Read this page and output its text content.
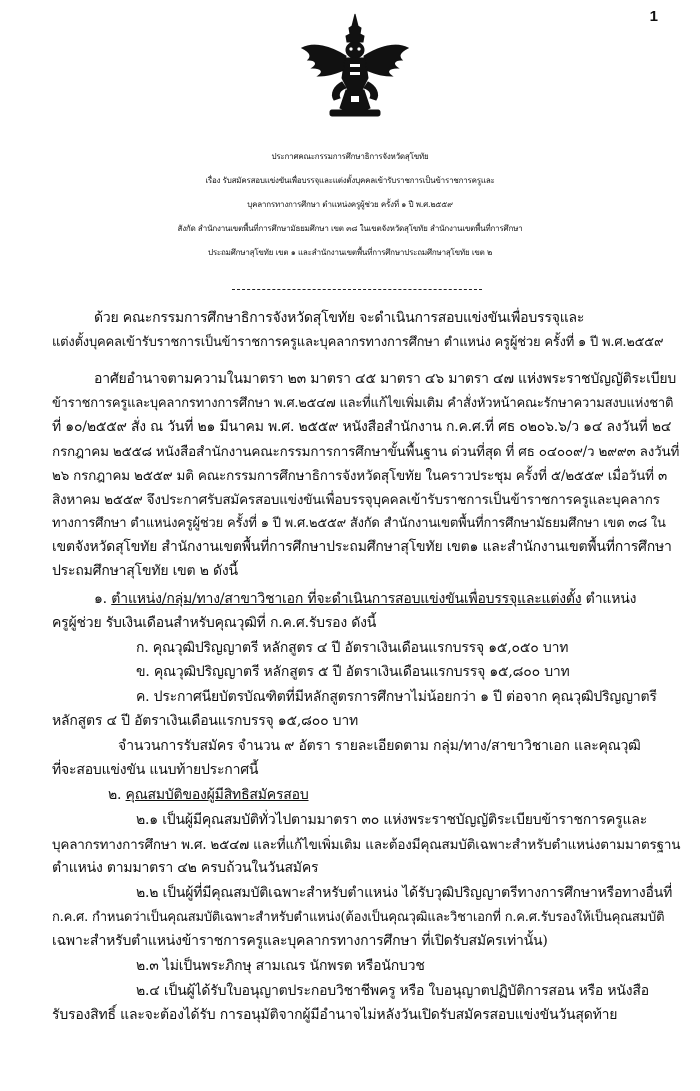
1
ประกาศคณะกรรมการศึกษาธิการจังหวัดสุโขทัย
เรื่อง รับสมัครสอบแข่งขันเพื่อบรรจุและแต่งตั้งบุคคลเข้ารับราชการเป็นข้าราชการครูและ
บุคลากรทางการศึกษา ตำแหน่งครูผู้ช่วย ครั้งที่ ๑ ปี พ.ศ.๒๕๕๙
สังกัด สำนักงานเขตพื้นที่การศึกษามัธยมศึกษา เขต ๓๘ ในเขตจังหวัดสุโขทัย สำนักงานเขตพื้นที่การศึกษา
ประถมศึกษาสุโขทัย เขต ๑ และสำนักงานเขตพื้นที่การศึกษาประถมศึกษาสุโขทัย เขต ๒
ด้วย คณะกรรมการศึกษาธิการจังหวัดสุโขทัย จะดำเนินการสอบแข่งขันเพื่อบรรจุและ
แต่งตั้งบุคคลเข้ารับราชการเป็นข้าราชการครูและบุคลากรทางการศึกษา ตำแหน่ง ครูผู้ช่วย ครั้งที่ ๑ ปี พ.ศ.๒๕๕๙
อาศัยอำนาจตามความในมาตรา ๒๓ มาตรา ๔๕ มาตรา ๔๖ มาตรา ๔๗ แห่งพระราชบัญญัติระเบียบ
ข้าราชการครูและบุคลากรทางการศึกษา พ.ศ.๒๕๔๗ และที่แก้ไขเพิ่มเติม คำสั่งหัวหน้าคณะรักษาความสงบแห่งชาติ
ที่ ๑๐/๒๕๕๙ สั่ง ณ วันที่ ๒๑ มีนาคม พ.ศ. ๒๕๕๙ หนังสือสำนักงาน ก.ค.ศ.ที่ ศธ ๐๒๐๖.๖/ว ๑๔ ลงวันที่ ๒๔
กรกฎาคม ๒๕๕๘ หนังสือสำนักงานคณะกรรมการการศึกษาขั้นพื้นฐาน ด่วนที่สุด ที่ ศธ ๐๔๐๐๙/ว ๒๙๙๓ ลงวันที่
๒๖ กรกฎาคม ๒๕๕๙ มติ คณะกรรมการศึกษาธิการจังหวัดสุโขทัย ในคราวประชุม ครั้งที่ ๕/๒๕๕๙ เมื่อวันที่ ๓
สิงหาคม ๒๕๕๙ จึงประกาศรับสมัครสอบแข่งขันเพื่อบรรจุบุคคลเข้ารับราชการเป็นข้าราชการครูและบุคลากร
ทางการศึกษา ตำแหน่งครูผู้ช่วย ครั้งที่ ๑ ปี พ.ศ.๒๕๕๙ สังกัด สำนักงานเขตพื้นที่การศึกษามัธยมศึกษา เขต ๓๘ ใน
เขตจังหวัดสุโขทัย สำนักงานเขตพื้นที่การศึกษาประถมศึกษาสุโขทัย เขต๑ และสำนักงานเขตพื้นที่การศึกษา
ประถมศึกษาสุโขทัย เขต ๒ ดังนี้
๑. ตำแหน่ง/กลุ่ม/ทาง/สาขาวิชาเอก ที่จะดำเนินการสอบแข่งขันเพื่อบรรจุและแต่งตั้ง ตำแหน่ง
ครูผู้ช่วย รับเงินเดือนสำหรับคุณวุฒิที่ ก.ค.ศ.รับรอง ดังนี้
ก. คุณวุฒิปริญญาตรี หลักสูตร ๔ ปี อัตราเงินเดือนแรกบรรจุ ๑๕,๐๕๐ บาท
ข. คุณวุฒิปริญญาตรี หลักสูตร ๕ ปี อัตราเงินเดือนแรกบรรจุ ๑๕,๘๐๐ บาท
ค. ประกาศนียบัตรบัณฑิตที่มีหลักสูตรการศึกษาไม่น้อยกว่า ๑ ปี ต่อจาก คุณวุฒิปริญญาตรี
หลักสูตร ๔ ปี อัตราเงินเดือนแรกบรรจุ ๑๕,๘๐๐ บาท
จำนวนการรับสมัคร จำนวน ๙ อัตรา รายละเอียดตาม กลุ่ม/ทาง/สาขาวิชาเอก และคุณวุฒิ
ที่จะสอบแข่งขัน แนบท้ายประกาศนี้
๒. คุณสมบัติของผู้มีสิทธิสมัครสอบ
๒.๑ เป็นผู้มีคุณสมบัติทั่วไปตามมาตรา ๓๐ แห่งพระราชบัญญัติระเบียบข้าราชการครูและ
บุคลากรทางการศึกษา พ.ศ. ๒๕๔๗ และที่แก้ไขเพิ่มเติม และต้องมีคุณสมบัติเฉพาะสำหรับตำแหน่งตามมาตรฐาน
ตำแหน่ง ตามมาตรา ๔๒ ครบถ้วนในวันสมัคร
๒.๒ เป็นผู้ที่มีคุณสมบัติเฉพาะสำหรับตำแหน่ง ได้รับวุฒิปริญญาตรีทางการศึกษาหรือทางอื่นที่
ก.ค.ศ. กำหนดว่าเป็นคุณสมบัติเฉพาะสำหรับตำแหน่ง(ต้องเป็นคุณวุฒิและวิชาเอกที่ ก.ค.ศ.รับรองให้เป็นคุณสมบัติ
เฉพาะสำหรับตำแหน่งข้าราชการครูและบุคลากรทางการศึกษา ที่เปิดรับสมัครเท่านั้น)
๒.๓ ไม่เป็นพระภิกษุ สามเณร นักพรต หรือนักบวช
๒.๔ เป็นผู้ได้รับใบอนุญาตประกอบวิชาชีพครู หรือ ใบอนุญาตปฏิบัติการสอน หรือ หนังสือ
รับรองสิทธิ์ และจะต้องได้รับ การอนุมัติจากผู้มีอำนาจไม่หลังวันเปิดรับสมัครสอบแข่งขันวันสุดท้าย
